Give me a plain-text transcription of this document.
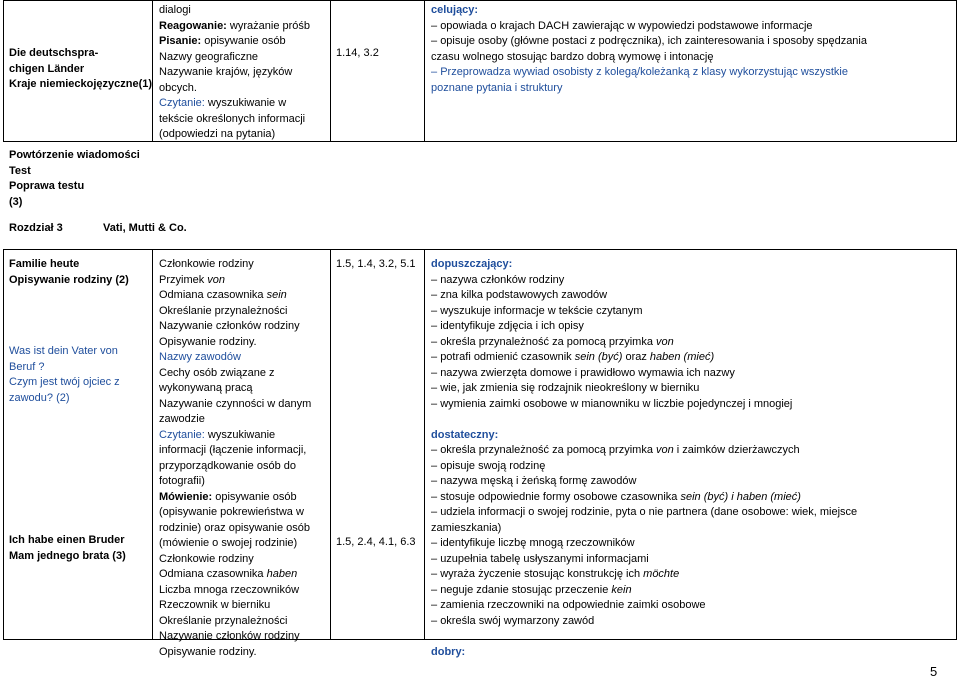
Die deutschspra-
chigen Länder
Kraje niemieckojęzyczne(1)
dialogi
Reagowanie: wyrażanie próśb
Pisanie: opisywanie osób
Nazwy geograficzne
Nazywanie krajów, języków
obcych.
Czytanie: wyszukiwanie w
tekście określonych informacji
(odpowiedzi na pytania)
1.14, 3.2
celujący:
– opowiada o krajach DACH zawierając w wypowiedzi podstawowe informacje
– opisuje osoby (główne postaci z podręcznika), ich zainteresowania i sposoby spędzania
czasu wolnego stosując bardzo dobrą wymowę i intonację
– Przeprowadza wywiad osobisty z kolegą/koleżanką z klasy wykorzystując wszystkie
poznane pytania i struktury
Powtórzenie wiadomości
Test
Poprawa testu
(3)
Rozdział 3	Vati, Mutti & Co.
Familie heute
Opisywanie rodziny (2)
Was ist dein Vater von
Beruf ?
Czym jest twój ojciec z
zawodu? (2)
Ich habe einen Bruder
Mam jednego brata (3)
Członkowie rodziny
Przyimek von
Odmiana czasownika sein
Określanie przynależności
Nazywanie członków rodziny
Opisywanie rodziny.
Nazwy zawodów
Cechy osób związane z
wykonywaną pracą
Nazywanie czynności w danym
zawodzie
Czytanie: wyszukiwanie
informacji (łączenie informacji,
przyporządkowanie osób do
fotografii)
Mówienie: opisywanie osób
(opisywanie pokrewieństwa w
rodzinie) oraz opisywanie osób
(mówienie o swojej rodzinie)
Członkowie rodziny
Odmiana czasownika haben
Liczba mnoga rzeczowników
Rzeczownik w bierniku
Określanie przynależności
Nazywanie członków rodziny
Opisywanie rodziny.
1.5, 1.4, 3.2, 5.1
1.5, 2.4, 4.1, 6.3
dopuszczający:
– nazywa członków rodziny
– zna kilka podstawowych zawodów
– wyszukuje informacje w tekście czytanym
– identyfikuje zdjęcia i ich opisy
– określa przynależność za pomocą przyimka von
– potrafi odmienić czasownik sein (być) oraz haben (mieć)
– nazywa zwierzęta domowe i prawidłowo wymawia ich nazwy
– wie, jak zmienia się rodzajnik nieokreślony w bierniku
– wymienia zaimki osobowe w mianowniku w liczbie pojedynczej i mnogiej

dostateczny:
– określa przynależność za pomocą przyimka von i zaimków dzierżawczych
– opisuje swoją rodzinę
– nazywa męską i żeńską formę zawodów
– stosuje odpowiednie formy osobowe czasownika sein (być) i haben (mieć)
– udziela informacji o swojej rodzinie, pyta o nie partnera (dane osobowe: wiek, miejsce
zamieszkania)
– identyfikuje liczbę mnogą rzeczowników
– uzupełnia tabelę usłyszanymi informacjami
– wyraża życzenie stosując konstrukcję ich möchte
– neguje zdanie stosując przeczenie kein
– zamienia rzeczowniki na odpowiednie zaimki osobowe
– określa swój wymarzony zawód

dobry:
5
